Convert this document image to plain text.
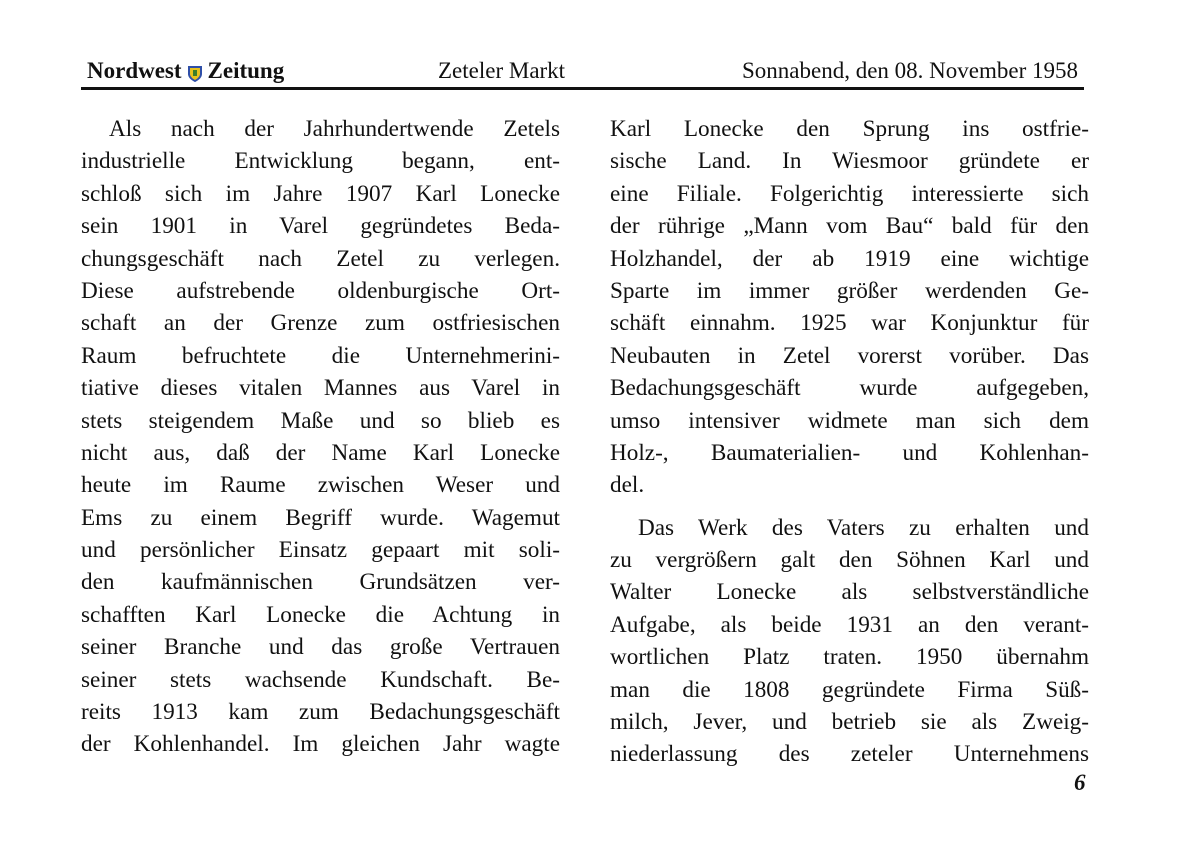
Nordwest Zeitung	Zeteler Markt	Sonnabend, den 08. November 1958
Als nach der Jahrhundertwende Zetels
industrielle Entwicklung begann, ent-
schloß sich im Jahre 1907 Karl Lonecke
sein 1901 in Varel gegründetes Beda-
chungsgeschäft nach Zetel zu verlegen.
Diese aufstrebende oldenburgische Ort-
schaft an der Grenze zum ostfriesischen
Raum befruchtete die Unternehmerini-
tiative dieses vitalen Mannes aus Varel in
stets steigendem Maße und so blieb es
nicht aus, daß der Name Karl Lonecke
heute im Raume zwischen Weser und
Ems zu einem Begriff wurde. Wagemut
und persönlicher Einsatz gepaart mit soli-
den kaufmännischen Grundsätzen ver-
schafften Karl Lonecke die Achtung in
seiner Branche und das große Vertrauen
seiner stets wachsende Kundschaft. Be-
reits 1913 kam zum Bedachungsgeschäft
der Kohlenhandel. Im gleichen Jahr wagte
Karl Lonecke den Sprung ins ostfrie-
sische Land. In Wiesmoor gründete er
eine Filiale. Folgerichtig interessierte sich
der rührige „Mann vom Bau“ bald für den
Holzhandel, der ab 1919 eine wichtige
Sparte im immer größer werdenden Ge-
schäft einnahm. 1925 war Konjunktur für
Neubauten in Zetel vorerst vorüber. Das
Bedachungsgeschäft wurde aufgegeben,
umso intensiver widmete man sich dem
Holz-, Baumaterialien- und Kohlenhan-
del.
Das Werk des Vaters zu erhalten und
zu vergrößern galt den Söhnen Karl und
Walter Lonecke als selbstverständliche
Aufgabe, als beide 1931 an den verant-
wortlichen Platz traten. 1950 übernahm
man die 1808 gegründete Firma Süß-
milch, Jever, und betrieb sie als Zweig-
niederlassung des zeteler Unternehmens
6
